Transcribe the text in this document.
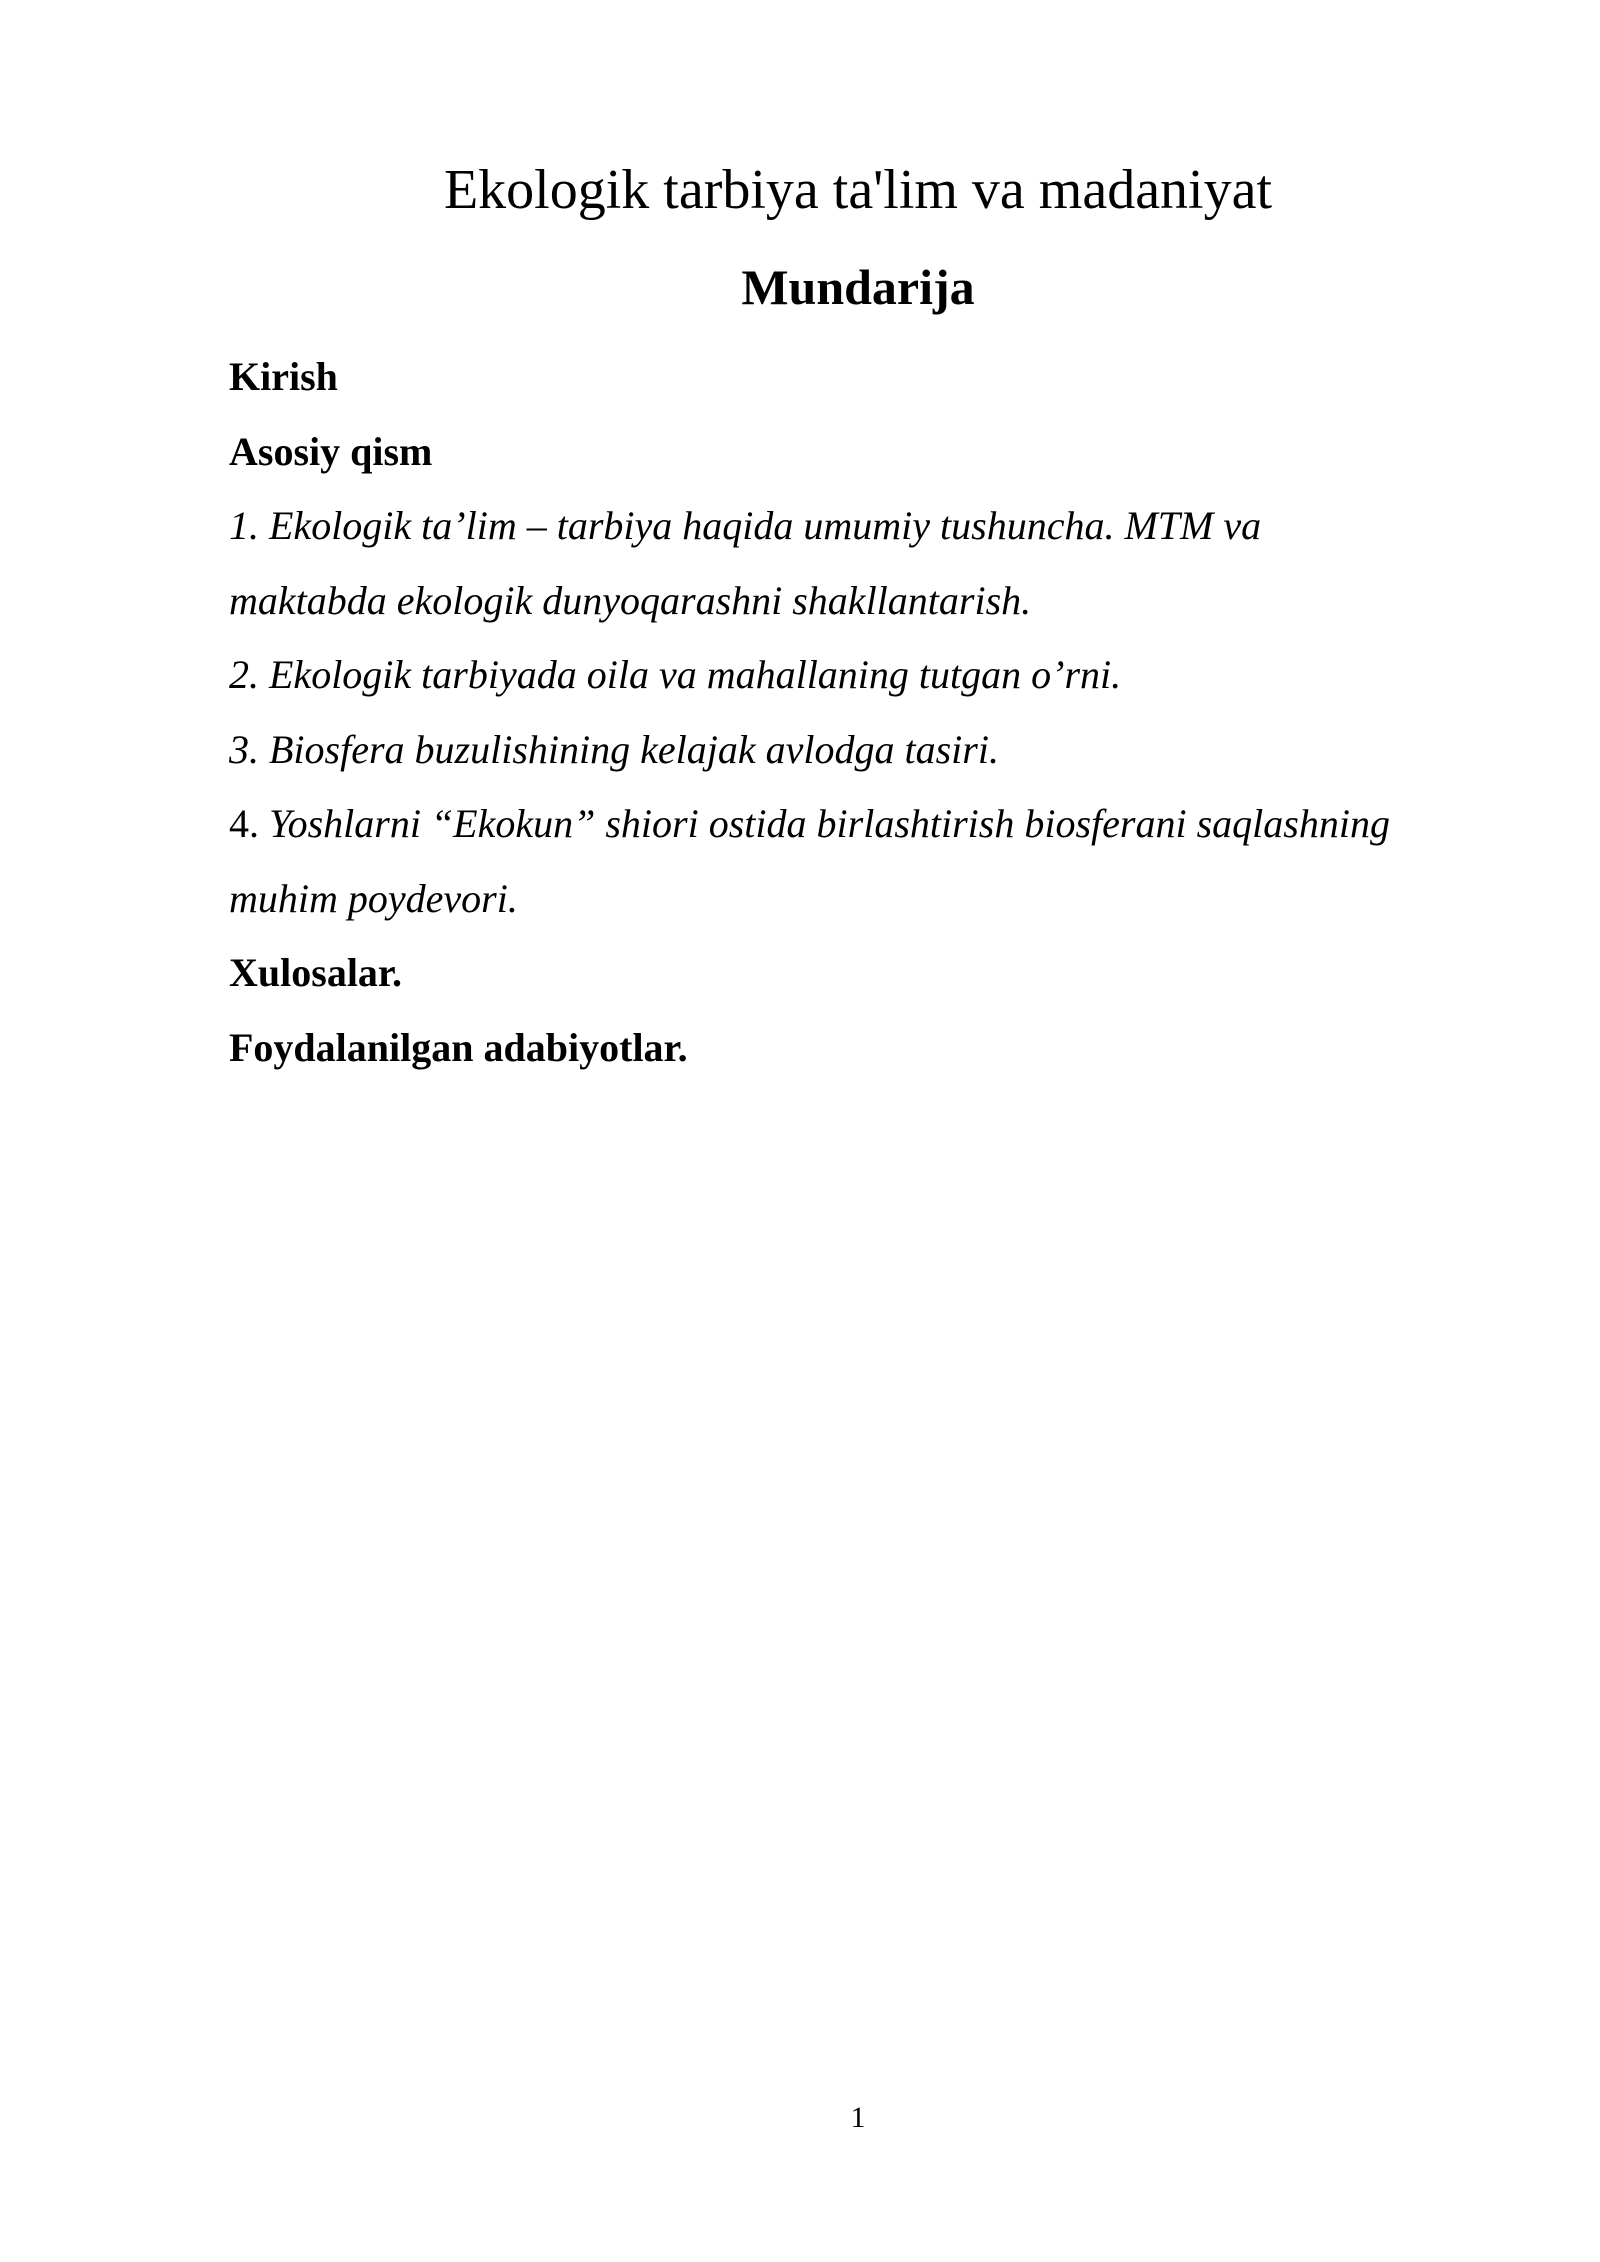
Ekologik tarbiya ta'lim va madaniyat
Mundarija
Kirish
Asosiy qism
1. Ekologik ta’lim – tarbiya haqida umumiy tushuncha. MTM va
maktabda ekologik dunyoqarashni shakllantarish.
2. Ekologik tarbiyada oila va mahallaning tutgan o’rni.
3. Biosfera buzulishining kelajak avlodga tasiri.
4. Yoshlarni “Ekokun” shiori ostida birlashtirish biosferani saqlashning
muhim poydevori.
Xulosalar.
Foydalanilgan adabiyotlar.
1
